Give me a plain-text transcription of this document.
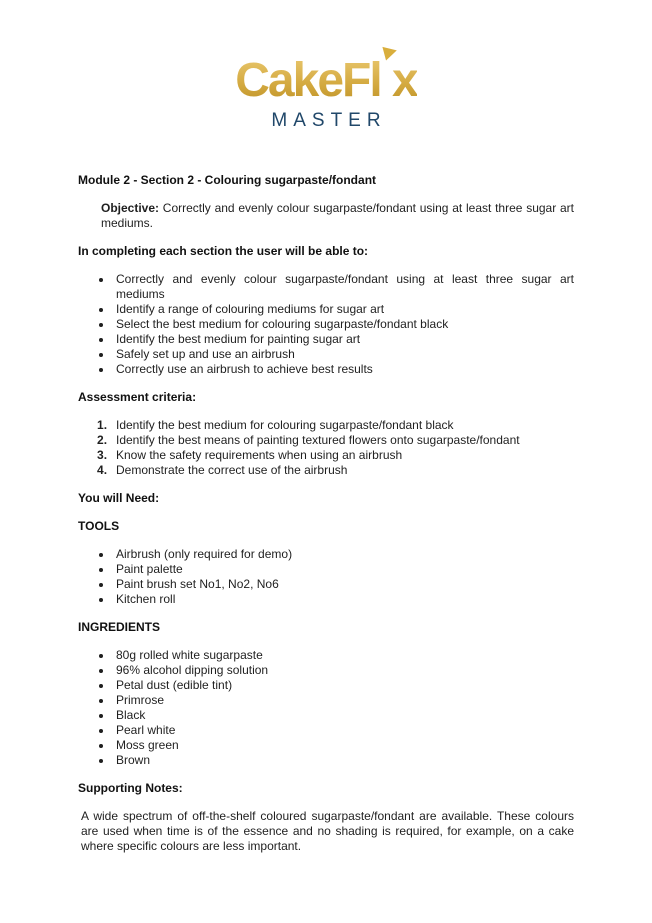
CakeFlı
x
MASTER
Module 2 - Section 2 - Colouring sugarpaste/fondant

Objective: Correctly and evenly colour sugarpaste/fondant using at least three sugar art mediums.

In completing each section the user will be able to:
Correctly and evenly colour sugarpaste/fondant using at least three sugar art mediums
Identify a range of colouring mediums for sugar art
Select the best medium for colouring sugarpaste/fondant black
Identify the best medium for painting sugar art
Safely set up and use an airbrush
Correctly use an airbrush to achieve best results
Assessment criteria:
Identify the best medium for colouring sugarpaste/fondant black
Identify the best means of painting textured flowers onto sugarpaste/fondant
Know the safety requirements when using an airbrush
Demonstrate the correct use of the airbrush
You will Need:
TOOLS
Airbrush (only required for demo)
Paint palette
Paint brush set No1, No2, No6
Kitchen roll
INGREDIENTS
80g rolled white sugarpaste
96% alcohol dipping solution
Petal dust (edible tint)
Primrose
Black
Pearl white
Moss green
Brown
Supporting Notes:

A wide spectrum of off-the-shelf coloured sugarpaste/fondant are available. These colours are used when time is of the essence and no shading is required, for example, on a cake where specific colours are less important.
